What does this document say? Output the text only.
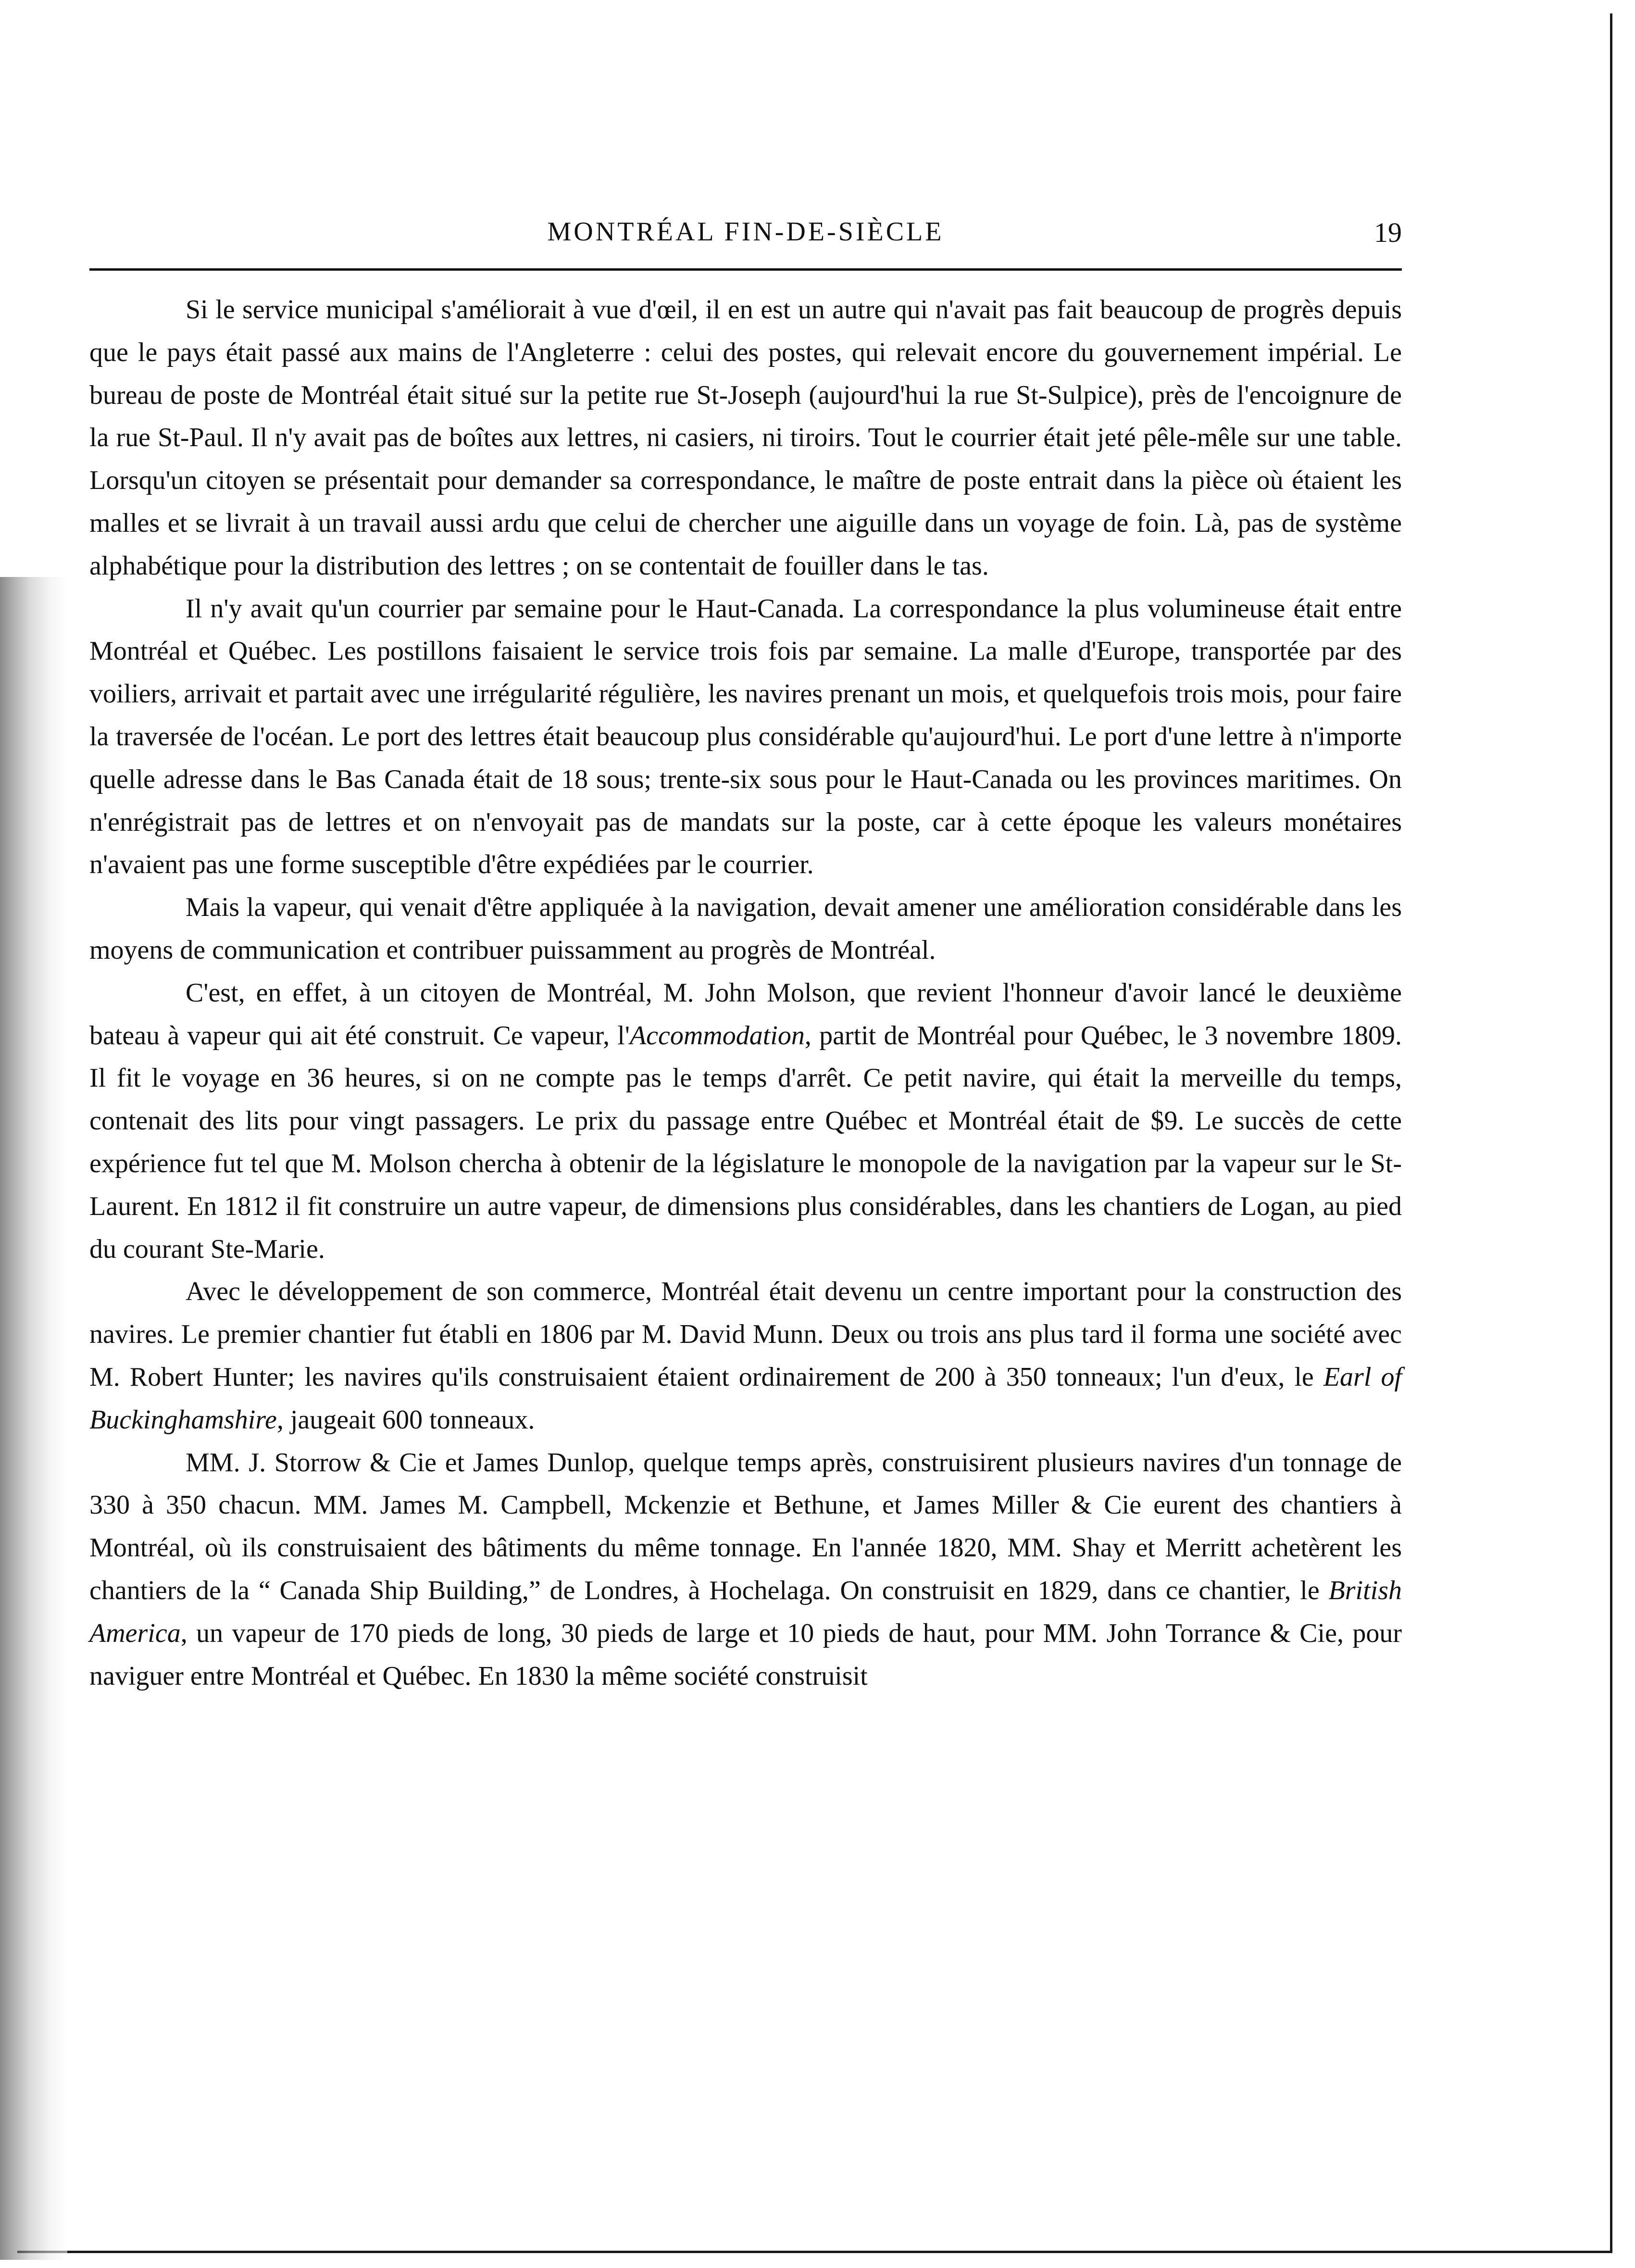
MONTRÉAL FIN-DE-SIÈCLE	19

Si le service municipal s'améliorait à vue d'œil, il en est un autre qui n'avait pas fait beaucoup de progrès depuis que le pays était passé aux mains de l'Angleterre : celui des postes, qui relevait encore du gouvernement impérial. Le bureau de poste de Montréal était situé sur la petite rue St-Joseph (aujourd'hui la rue St-Sulpice), près de l'encoignure de la rue St-Paul. Il n'y avait pas de boîtes aux lettres, ni casiers, ni tiroirs. Tout le courrier était jeté pêle-mêle sur une table. Lorsqu'un citoyen se présentait pour demander sa correspondance, le maître de poste entrait dans la pièce où étaient les malles et se livrait à un travail aussi ardu que celui de chercher une aiguille dans un voyage de foin. Là, pas de système alphabétique pour la distribution des lettres ; on se contentait de fouiller dans le tas.

Il n'y avait qu'un courrier par semaine pour le Haut-Canada. La correspondance la plus volumineuse était entre Montréal et Québec. Les postillons faisaient le service trois fois par semaine. La malle d'Europe, transportée par des voiliers, arrivait et partait avec une irrégularité régulière, les navires prenant un mois, et quelquefois trois mois, pour faire la traversée de l'océan. Le port des lettres était beaucoup plus considérable qu'aujourd'hui. Le port d'une lettre à n'importe quelle adresse dans le Bas Canada était de 18 sous; trente-six sous pour le Haut-Canada ou les provinces maritimes. On n'enrégistrait pas de lettres et on n'envoyait pas de mandats sur la poste, car à cette époque les valeurs monétaires n'avaient pas une forme susceptible d'être expédiées par le courrier.

Mais la vapeur, qui venait d'être appliquée à la navigation, devait amener une amélioration considérable dans les moyens de communication et contribuer puissamment au progrès de Montréal.

C'est, en effet, à un citoyen de Montréal, M. John Molson, que revient l'honneur d'avoir lancé le deuxième bateau à vapeur qui ait été construit. Ce vapeur, l'Accommodation, partit de Montréal pour Québec, le 3 novembre 1809. Il fit le voyage en 36 heures, si on ne compte pas le temps d'arrêt. Ce petit navire, qui était la merveille du temps, contenait des lits pour vingt passagers. Le prix du passage entre Québec et Montréal était de $9. Le succès de cette expérience fut tel que M. Molson chercha à obtenir de la législature le monopole de la navigation par la vapeur sur le St-Laurent. En 1812 il fit construire un autre vapeur, de dimensions plus considérables, dans les chantiers de Logan, au pied du courant Ste-Marie.

Avec le développement de son commerce, Montréal était devenu un centre important pour la construction des navires. Le premier chantier fut établi en 1806 par M. David Munn. Deux ou trois ans plus tard il forma une société avec M. Robert Hunter; les navires qu'ils construisaient étaient ordinairement de 200 à 350 tonneaux; l'un d'eux, le Earl of Buckinghamshire, jaugeait 600 tonneaux.

MM. J. Storrow & Cie et James Dunlop, quelque temps après, construisirent plusieurs navires d'un tonnage de 330 à 350 chacun. MM. James M. Campbell, Mckenzie et Bethune, et James Miller & Cie eurent des chantiers à Montréal, où ils construisaient des bâtiments du même tonnage. En l'année 1820, MM. Shay et Merritt achetèrent les chantiers de la “ Canada Ship Building,” de Londres, à Hochelaga. On construisit en 1829, dans ce chantier, le British America, un vapeur de 170 pieds de long, 30 pieds de large et 10 pieds de haut, pour MM. John Torrance & Cie, pour naviguer entre Montréal et Québec. En 1830 la même société construisit
